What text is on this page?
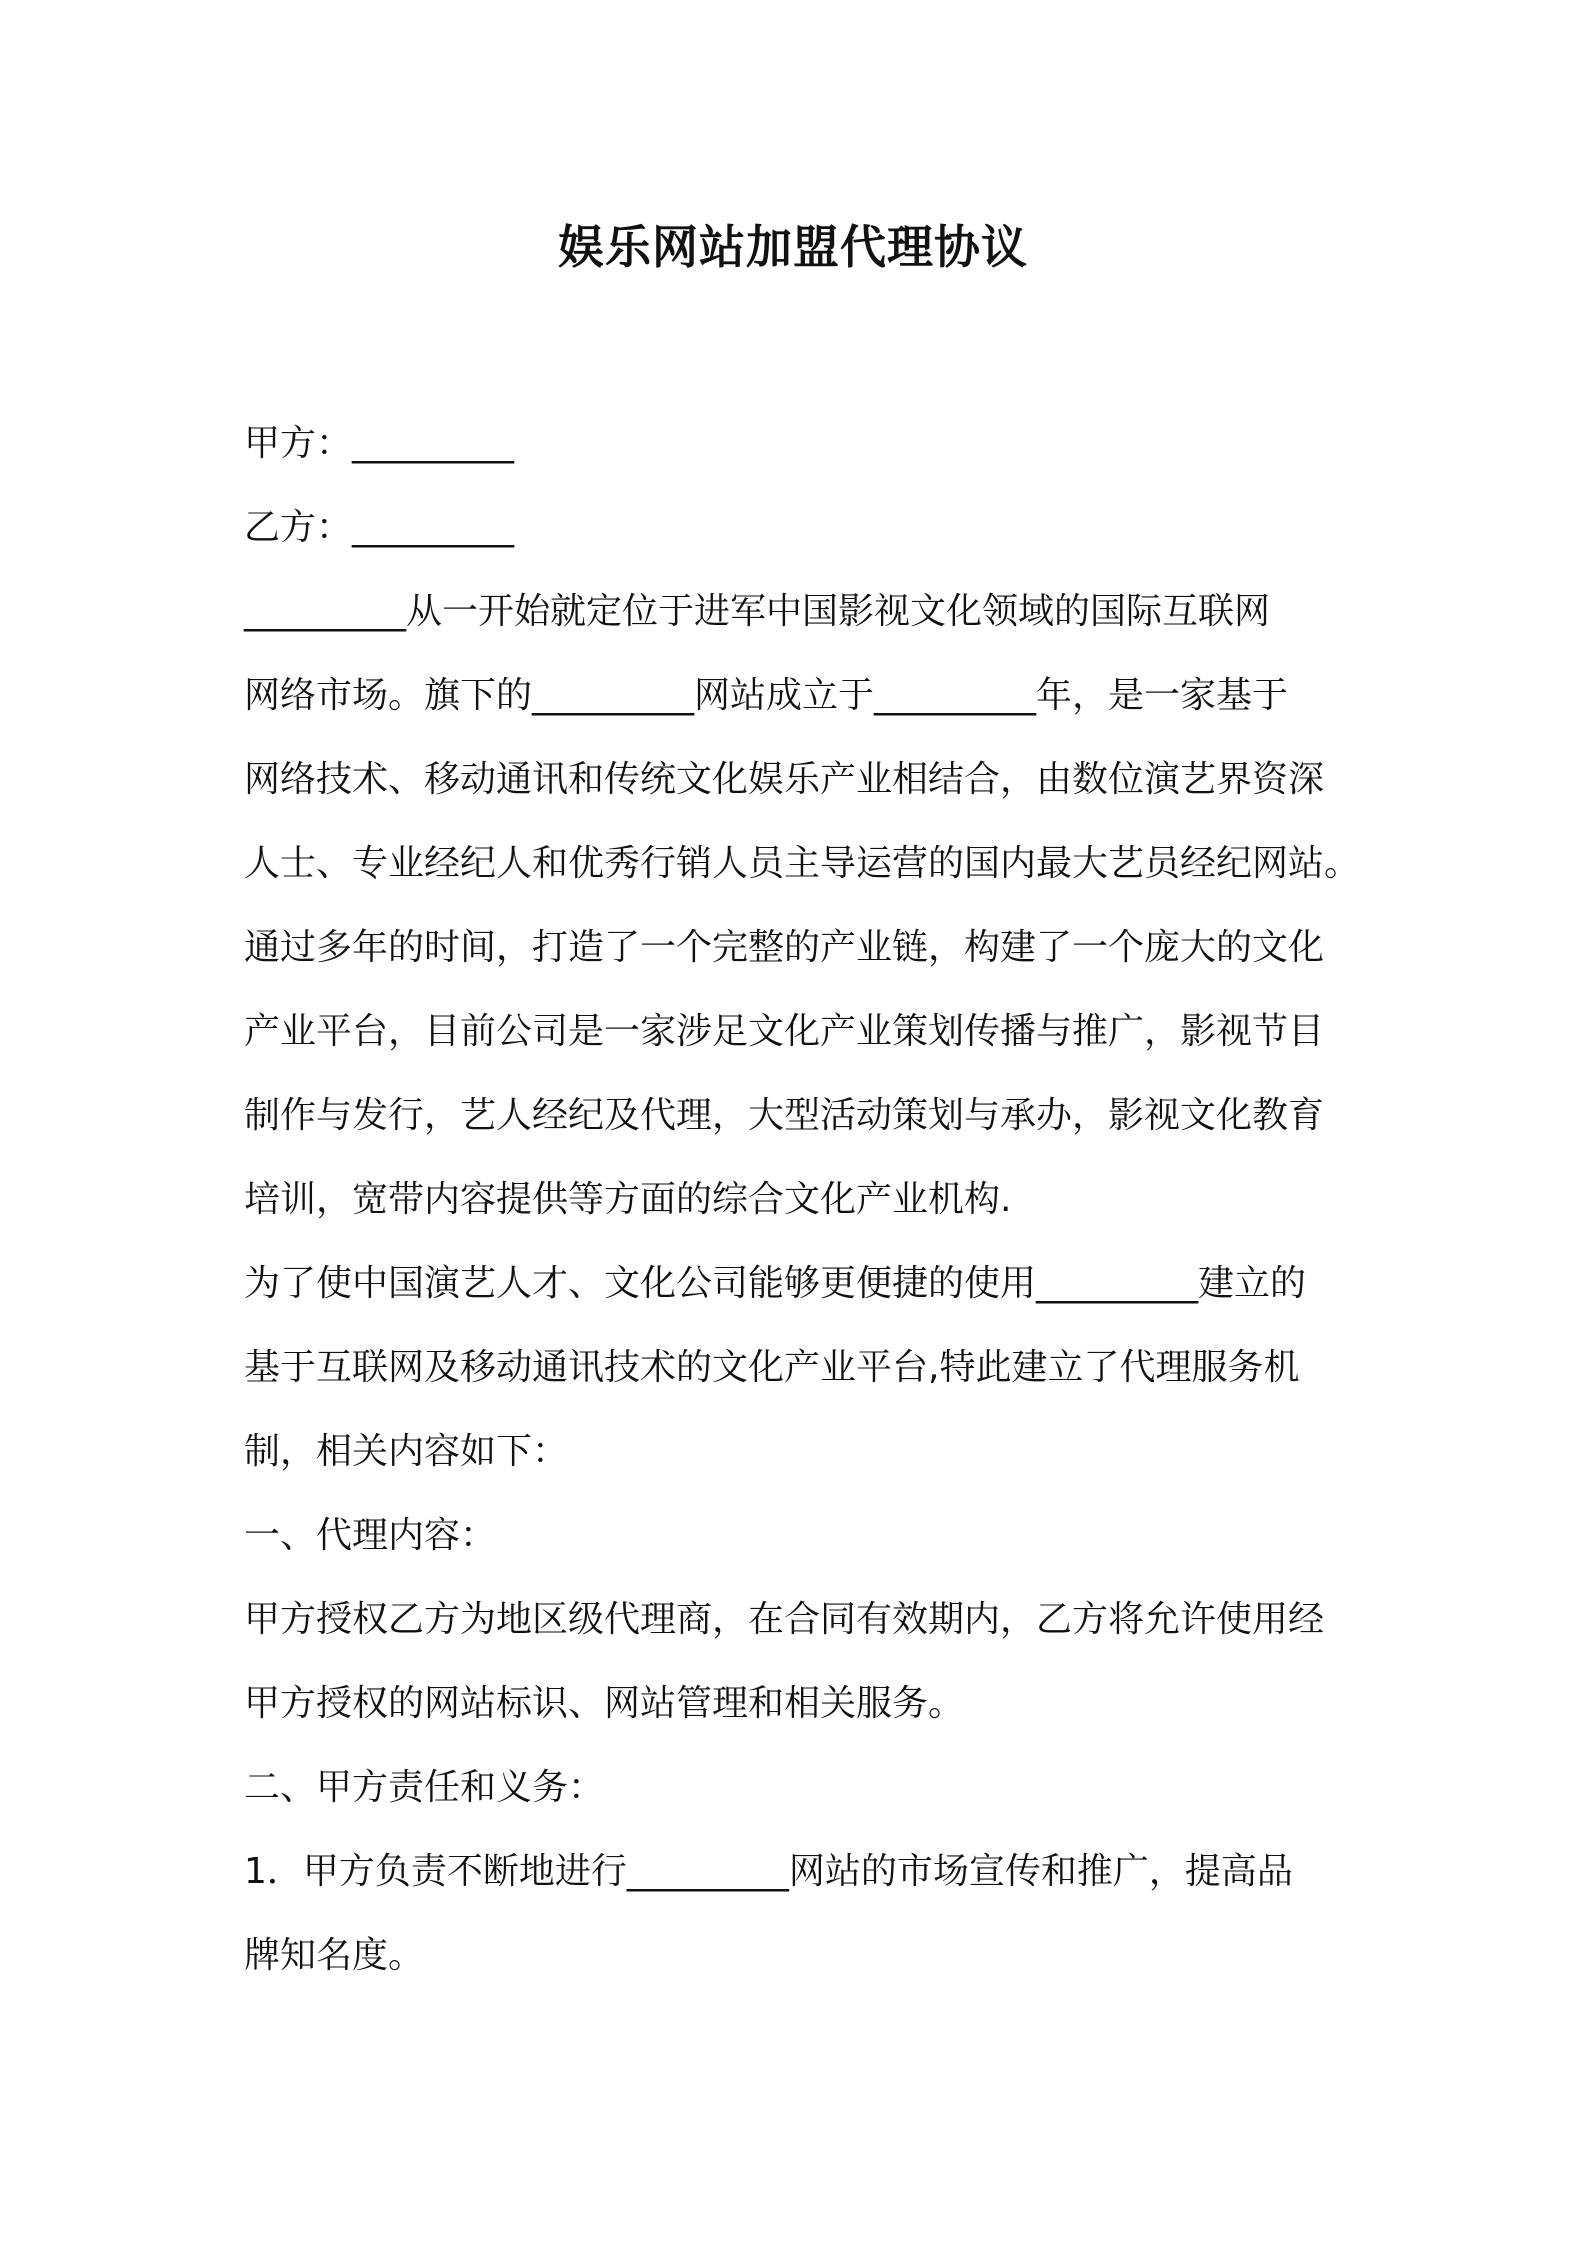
娱乐网站加盟代理协议
甲方：_________
乙方：_________
_________从一开始就定位于进军中国影视文化领域的国际互联网
网络市场。旗下的_________网站成立于_________年，是一家基于
网络技术、移动通讯和传统文化娱乐产业相结合，由数位演艺界资深
人士、专业经纪人和优秀行销人员主导运营的国内最大艺员经纪网站。
通过多年的时间，打造了一个完整的产业链，构建了一个庞大的文化
产业平台，目前公司是一家涉足文化产业策划传播与推广，影视节目
制作与发行，艺人经纪及代理，大型活动策划与承办，影视文化教育
培训，宽带内容提供等方面的综合文化产业机构.
为了使中国演艺人才、文化公司能够更便捷的使用_________建立的
基于互联网及移动通讯技术的文化产业平台,特此建立了代理服务机
制，相关内容如下：
一、代理内容：
甲方授权乙方为地区级代理商，在合同有效期内，乙方将允许使用经
甲方授权的网站标识、网站管理和相关服务。
二、甲方责任和义务：
1．甲方负责不断地进行_________网站的市场宣传和推广，提高品
牌知名度。
